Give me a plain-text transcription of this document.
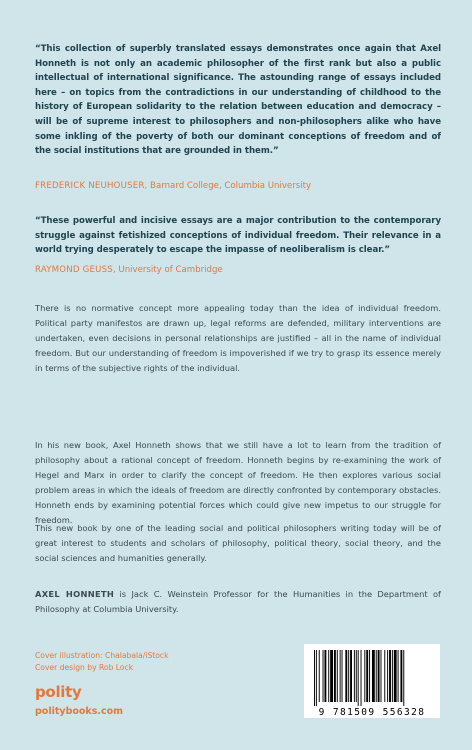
“This collection of superbly translated essays demonstrates once again that Axel Honneth is not only an academic philosopher of the first rank but also a public intellectual of international significance. The astounding range of essays included here – on topics from the contradictions in our understanding of childhood to the history of European solidarity to the relation between education and democracy – will be of supreme interest to philosophers and non-philosophers alike who have some inkling of the poverty of both our dominant conceptions of freedom and of the social institutions that are grounded in them.”

FREDERICK NEUHOUSER, Barnard College, Columbia University

“These powerful and incisive essays are a major contribution to the contemporary struggle against fetishized conceptions of individual freedom. Their relevance in a world trying desperately to escape the impasse of neoliberalism is clear.”

RAYMOND GEUSS, University of Cambridge

There is no normative concept more appealing today than the idea of individual freedom. Political party manifestos are drawn up, legal reforms are defended, military interventions are undertaken, even decisions in personal relationships are justified – all in the name of individual freedom. But our understanding of freedom is impoverished if we try to grasp its essence merely in terms of the subjective rights of the individual.

In his new book, Axel Honneth shows that we still have a lot to learn from the tradition of philosophy about a rational concept of freedom. Honneth begins by re-examining the work of Hegel and Marx in order to clarify the concept of freedom. He then explores various social problem areas in which the ideals of freedom are directly confronted by contemporary obstacles. Honneth ends by examining potential forces which could give new impetus to our struggle for freedom.

This new book by one of the leading social and political philosophers writing today will be of great interest to students and scholars of philosophy, political theory, social theory, and the social sciences and humanities generally.

AXEL HONNETH is Jack C. Weinstein Professor for the Humanities in the Department of Philosophy at Columbia University.

Cover illustration: Chalabala/iStock
Cover design by Rob Lock
polity
politybooks.com	9 781509 556328
